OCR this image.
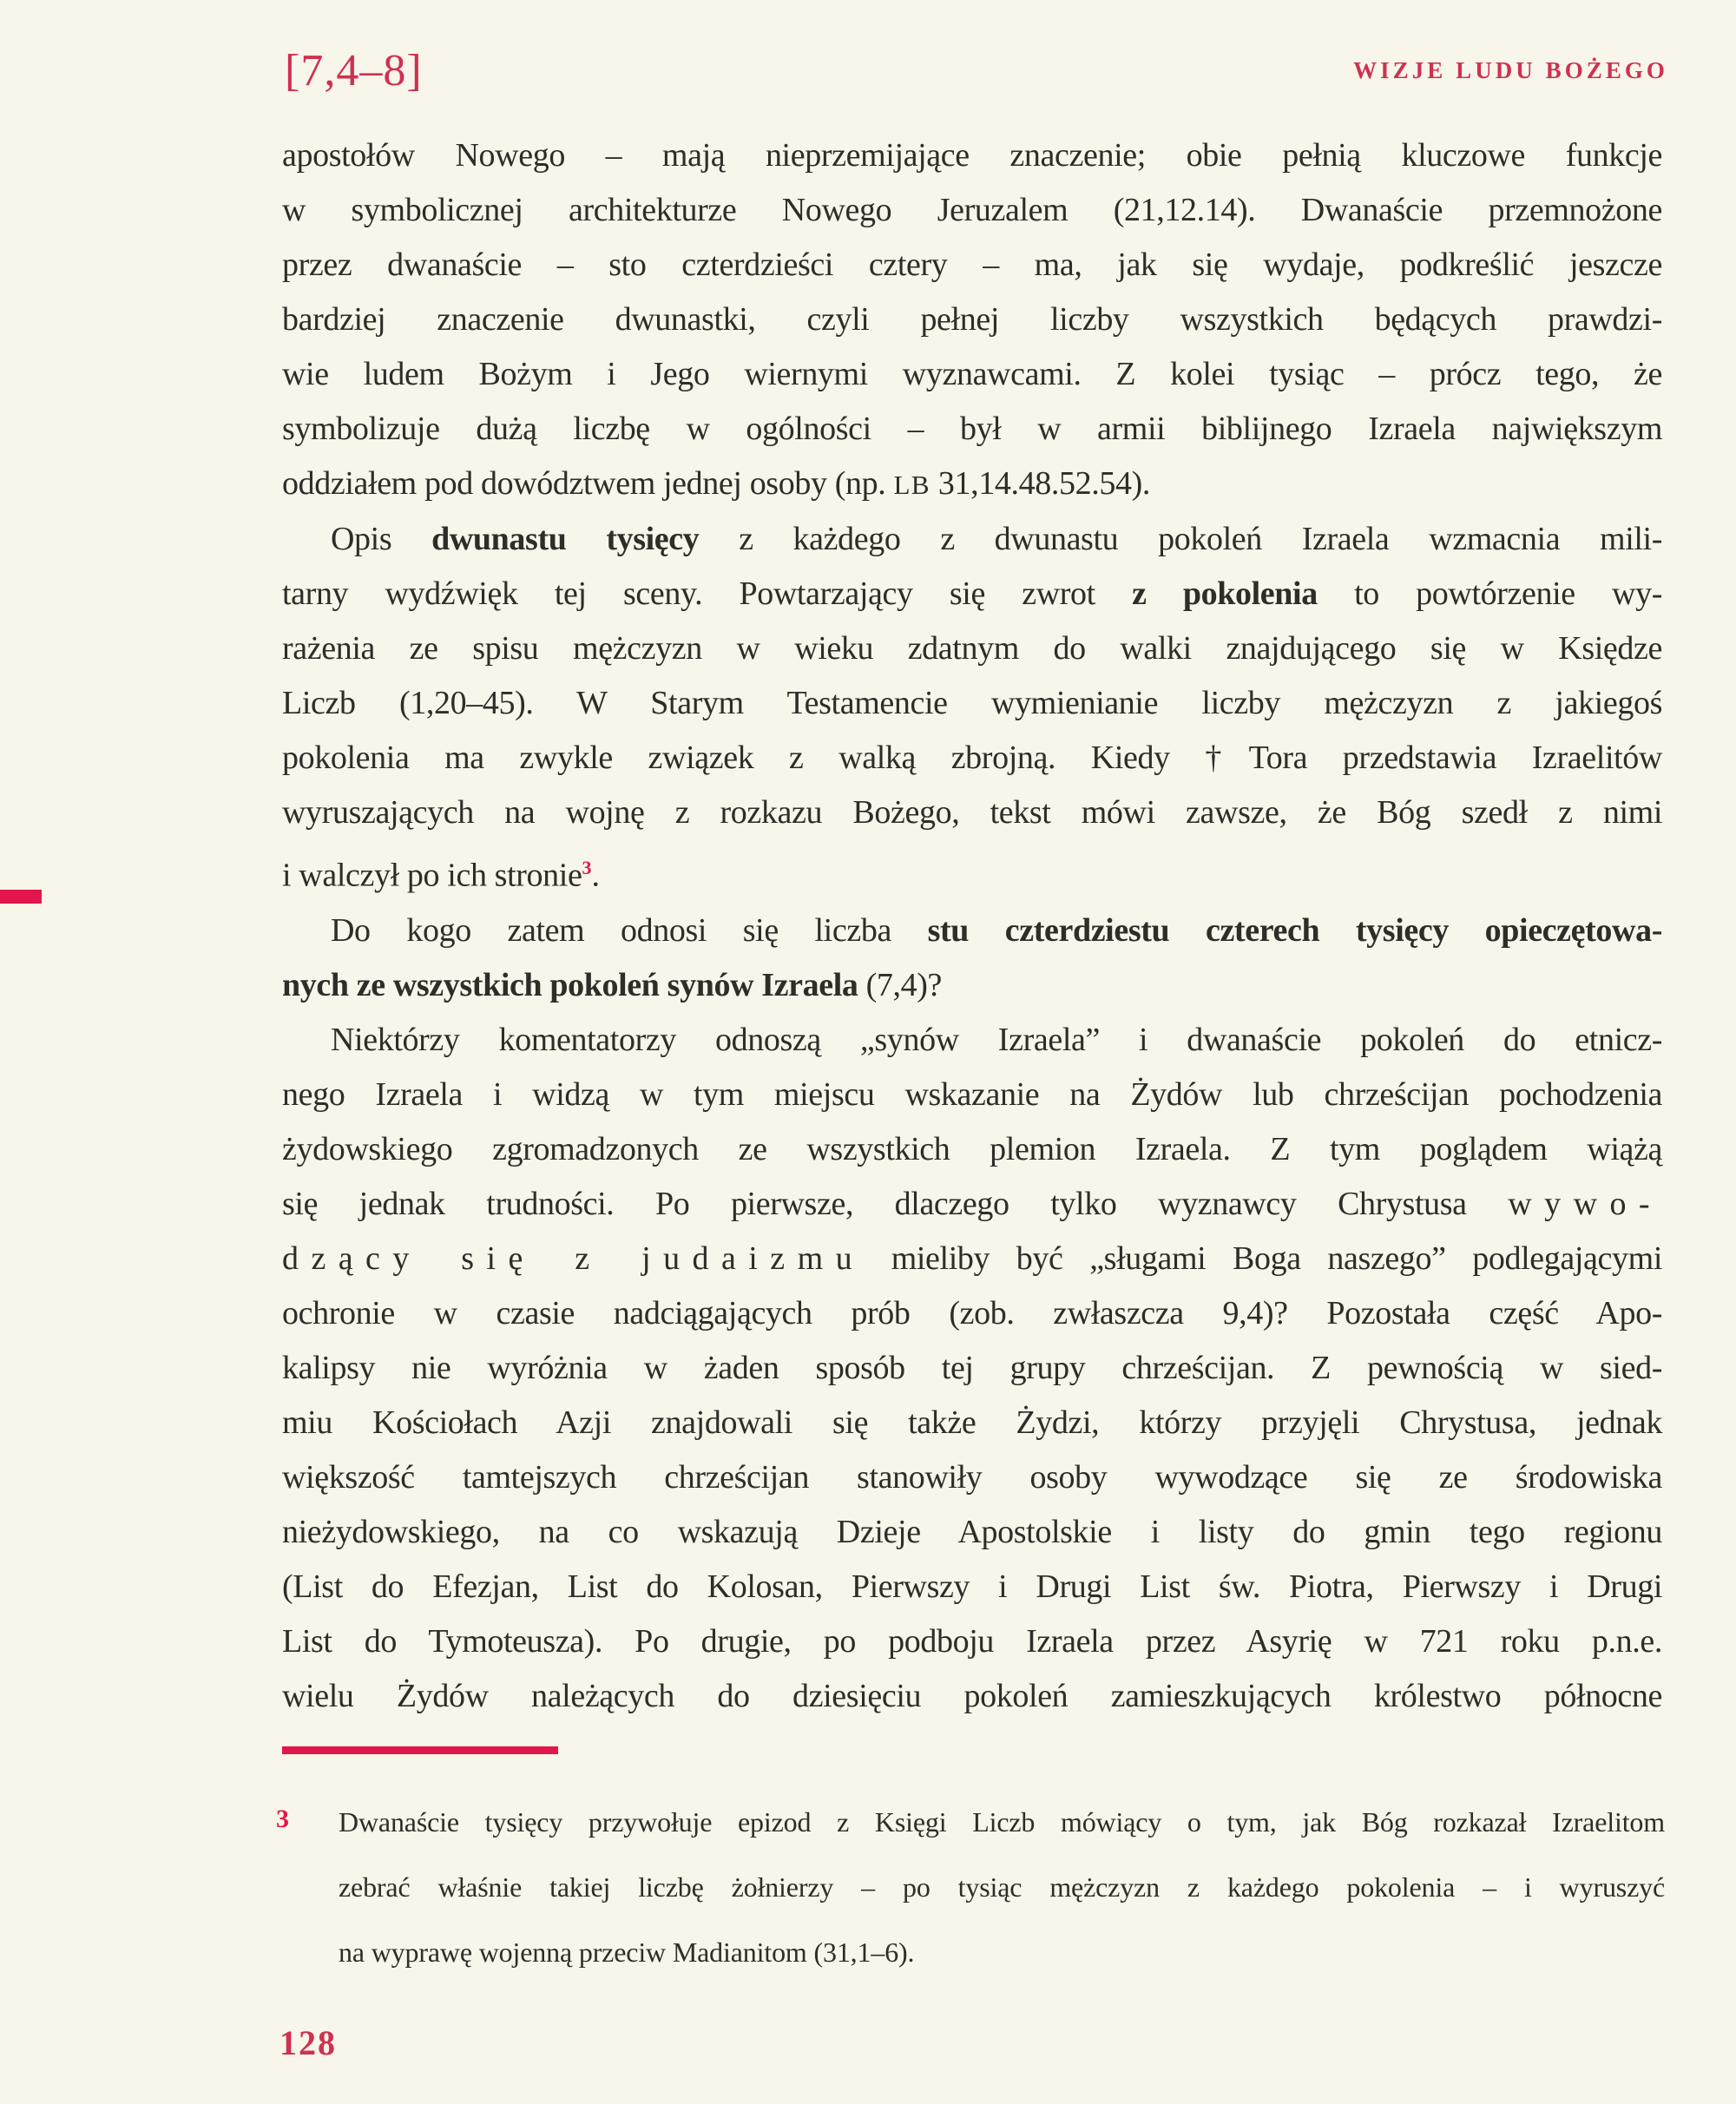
[7,4–8]	WIZJE LUDU BOŻEGO
apostołów Nowego – mają nieprzemijające znaczenie; obie pełnią kluczowe funkcje
w symbolicznej architekturze Nowego Jeruzalem (21,12.14). Dwanaście przemnożone
przez dwanaście – sto czterdzieści cztery – ma, jak się wydaje, podkreślić jeszcze
bardziej znaczenie dwunastki, czyli pełnej liczby wszystkich będących prawdzi-
wie ludem Bożym i Jego wiernymi wyznawcami. Z kolei tysiąc – prócz tego, że
symbolizuje dużą liczbę w ogólności – był w armii biblijnego Izraela największym
oddziałem pod dowództwem jednej osoby (np. LB 31,14.48.52.54).
Opis dwunastu tysięcy z każdego z dwunastu pokoleń Izraela wzmacnia mili-
tarny wydźwięk tej sceny. Powtarzający się zwrot z pokolenia to powtórzenie wy-
rażenia ze spisu mężczyzn w wieku zdatnym do walki znajdującego się w Księdze
Liczb (1,20–45). W Starym Testamencie wymienianie liczby mężczyzn z jakiegoś
pokolenia ma zwykle związek z walką zbrojną. Kiedy †Tora przedstawia Izraelitów
wyruszających na wojnę z rozkazu Bożego, tekst mówi zawsze, że Bóg szedł z nimi
i walczył po ich stronie$^3$.
Do kogo zatem odnosi się liczba stu czterdziestu czterech tysięcy opieczętowa-
nych ze wszystkich pokoleń synów Izraela (7,4)?
Niektórzy komentatorzy odnoszą „synów Izraela” i dwanaście pokoleń do etnicz-
nego Izraela i widzą w tym miejscu wskazanie na Żydów lub chrześcijan pochodzenia
żydowskiego zgromadzonych ze wszystkich plemion Izraela. Z tym poglądem wiążą
się jednak trudności. Po pierwsze, dlaczego tylko wyznawcy Chrystusa wywo-
dzący się z judaizmu mieliby być „sługami Boga naszego” podlegającymi
ochronie w czasie nadciągających prób (zob. zwłaszcza 9,4)? Pozostała część Apo-
kalipsy nie wyróżnia w żaden sposób tej grupy chrześcijan. Z pewnością w sied-
miu Kościołach Azji znajdowali się także Żydzi, którzy przyjęli Chrystusa, jednak
większość tamtejszych chrześcijan stanowiły osoby wywodzące się ze środowiska
nieżydowskiego, na co wskazują Dzieje Apostolskie i listy do gmin tego regionu
(List do Efezjan, List do Kolosan, Pierwszy i Drugi List św. Piotra, Pierwszy i Drugi
List do Tymoteusza). Po drugie, po podboju Izraela przez Asyrię w 721 roku p.n.e.
wielu Żydów należących do dziesięciu pokoleń zamieszkujących królestwo północne
3 Dwanaście tysięcy przywołuje epizod z Księgi Liczb mówiący o tym, jak Bóg rozkazał Izraelitom
zebrać właśnie takiej liczbę żołnierzy – po tysiąc mężczyzn z każdego pokolenia – i wyruszyć
na wyprawę wojenną przeciw Madianitom (31,1–6).
128
